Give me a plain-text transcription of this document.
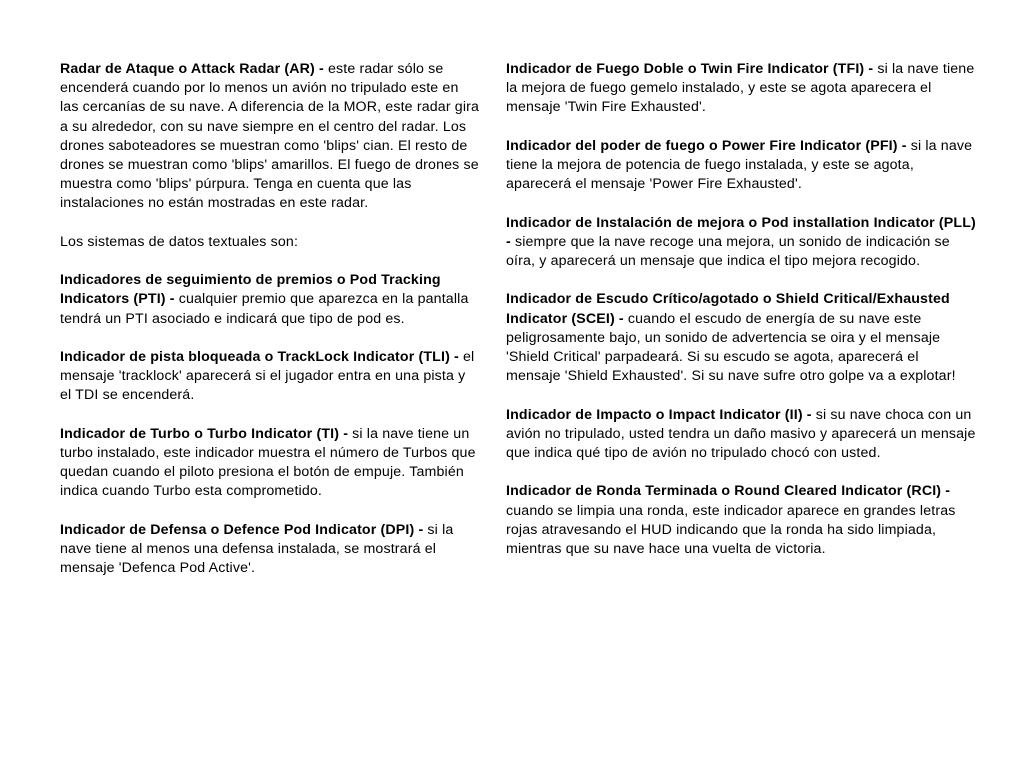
Radar de Ataque o Attack Radar (AR) - este radar sólo se encenderá cuando por lo menos un avión no tripulado este en las cercanías de su nave. A diferencia de la MOR, este radar gira a su alrededor, con su nave siempre en el centro del radar. Los drones saboteadores se muestran como 'blips' cian. El resto de drones se muestran como 'blips' amarillos. El fuego de drones se muestra como 'blips' púrpura. Tenga en cuenta que las instalaciones no están mostradas en este radar.

Los sistemas de datos textuales son:

Indicadores de seguimiento de premios o Pod Tracking Indicators (PTI) - cualquier premio que aparezca en la pantalla tendrá un PTI asociado e indicará que tipo de pod es.

Indicador de pista bloqueada o TrackLock Indicator (TLI) - el mensaje 'tracklock' aparecerá si el jugador entra en una pista y el TDI se encenderá.

Indicador de Turbo o Turbo Indicator (TI) - si la nave tiene un turbo instalado, este indicador muestra el número de Turbos que quedan cuando el piloto presiona el botón de empuje. También indica cuando Turbo esta comprometido.

Indicador de Defensa o Defence Pod Indicator (DPI) - si la nave tiene al menos una defensa instalada, se mostrará el mensaje 'Defenca Pod Active'.

Indicador de Fuego Doble o Twin Fire Indicator (TFI) - si la nave tiene la mejora de fuego gemelo instalado, y este se agota aparecera el mensaje 'Twin Fire Exhausted'.

Indicador del poder de fuego o Power Fire Indicator (PFI) - si la nave tiene la mejora de potencia de fuego instalada, y este se agota, aparecerá el mensaje 'Power Fire Exhausted'.

Indicador de Instalación de mejora o Pod installation Indicator (PLL) - siempre que la nave recoge una mejora, un sonido de indicación se oíra, y aparecerá un mensaje que indica el tipo mejora recogido.

Indicador de Escudo Crítico/agotado o Shield Critical/Exhausted Indicator (SCEI) - cuando el escudo de energía de su nave este peligrosamente bajo, un sonido de advertencia se oira y el mensaje 'Shield Critical' parpadeará. Si su escudo se agota, aparecerá el mensaje 'Shield Exhausted'. Si su nave sufre otro golpe va a explotar!

Indicador de Impacto o Impact Indicator (II) - si su nave choca con un avión no tripulado, usted tendra un daño masivo y aparecerá un mensaje que indica qué tipo de avión no tripulado chocó con usted.

Indicador de Ronda Terminada o Round Cleared Indicator (RCI) - cuando se limpia una ronda, este indicador aparece en grandes letras rojas atravesando el HUD indicando que la ronda ha sido limpiada, mientras que su nave hace una vuelta de victoria.
